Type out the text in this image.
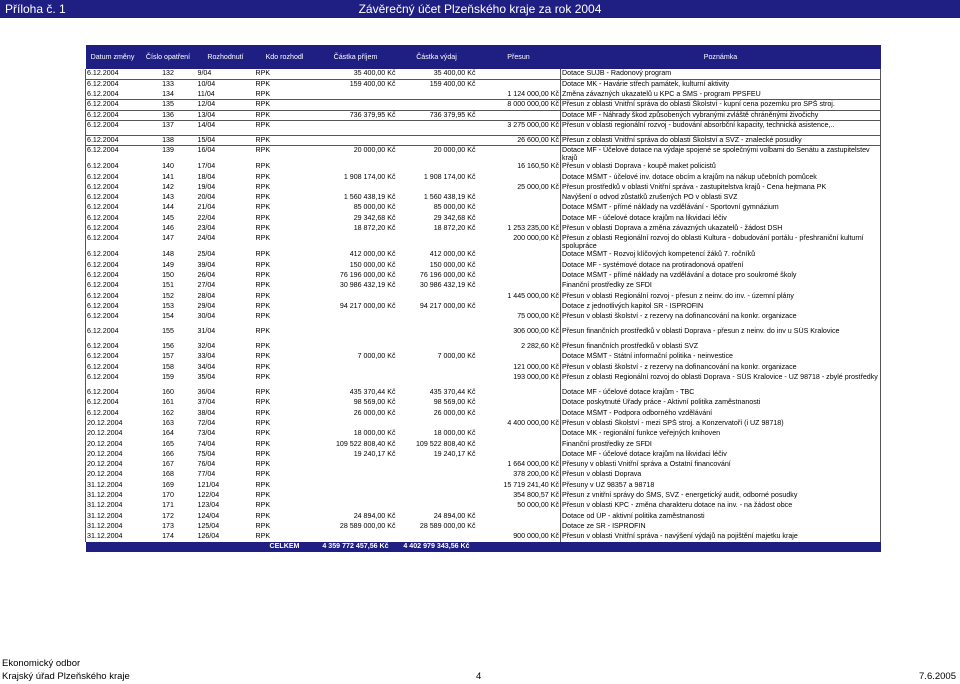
Příloha č. 1	Závěrečný účet Plzeňského kraje za rok 2004
Datum změny	Číslo opatření	Rozhodnutí	Kdo rozhodl	Částka příjem	Částka výdaj	Přesun	Poznámka
6.12.2004	132	9/04	RPK	35 400,00 Kč	35 400,00 Kč		Dotace SUJB - Radonový program
6.12.2004	133	10/04	RPK	159 400,00 Kč	159 400,00 Kč		Dotace MK - Havárie střech památek, kulturní aktivity
6.12.2004	134	11/04	RPK			1 124 000,00 Kč	Změna závazných ukazatelů u KPC a ŠMS - program PPSFEU
6.12.2004	135	12/04	RPK			8 000 000,00 Kč	Přesun z oblasti Vnitřní správa do oblasti Školství - kupní cena pozemku pro SPŠ stroj.
6.12.2004	136	13/04	RPK	736 379,95 Kč	736 379,95 Kč		Dotace MF - Náhrady škod způsobených vybranými zvláště chráněnými živočichy
6.12.2004	137	14/04	RPK			3 275 000,00 Kč	Přesun v oblasti regionální rozvoj - budování absorbční kapacity, technická asistence,..
6.12.2004	138	15/04	RPK			26 600,00 Kč	Přesun z oblasti Vnitřní správa do oblasti Školství a SVZ - znalecké posudky
6.12.2004	139	16/04	RPK	20 000,00 Kč	20 000,00 Kč		Dotace MF - Účelové dotace na výdaje spojené se společnými volbami do Senátu a zastupitelstev krajů
6.12.2004	140	17/04	RPK			16 160,50 Kč	Přesun v oblasti Doprava - koupě maket policistů
6.12.2004	141	18/04	RPK	1 908 174,00 Kč	1 908 174,00 Kč		Dotace MŠMT - účelové inv. dotace obcím a krajům na nákup učebních pomůcek
6.12.2004	142	19/04	RPK			25 000,00 Kč	Přesun prostředků v oblasti Vnitřní správa - zastupitelstva krajů - Cena hejtmana PK
6.12.2004	143	20/04	RPK	1 560 438,19 Kč	1 560 438,19 Kč		Navýšení o odvod zůstatků zrušených PO v oblasti SVZ
6.12.2004	144	21/04	RPK	85 000,00 Kč	85 000,00 Kč		Dotace MŠMT - přímé náklady na vzdělávání - Sportovní gymnázium
6.12.2004	145	22/04	RPK	29 342,68 Kč	29 342,68 Kč		Dotace MF - účelové dotace krajům na likvidaci léčiv
6.12.2004	146	23/04	RPK	18 872,20 Kč	18 872,20 Kč	1 253 235,00 Kč	Přesun v oblasti Doprava a změna závazných ukazatelů - žádost DSH
6.12.2004	147	24/04	RPK			200 000,00 Kč	Přesun z oblasti Regionální rozvoj do oblasti Kultura - dobudování portálu - přeshraniční kulturní spolupráce
6.12.2004	148	25/04	RPK	412 000,00 Kč	412 000,00 Kč		Dotace MŠMT - Rozvoj klíčových kompetencí žáků 7. ročníků
6.12.2004	149	39/04	RPK	150 000,00 Kč	150 000,00 Kč		Dotace MF - systémové dotace na protiradonová opatření
6.12.2004	150	26/04	RPK	76 196 000,00 Kč	76 196 000,00 Kč		Dotace MŠMT - přímé náklady na vzdělávání a dotace pro soukromé školy
6.12.2004	151	27/04	RPK	30 986 432,19 Kč	30 986 432,19 Kč		Finanční prostředky ze SFDI
6.12.2004	152	28/04	RPK			1 445 000,00 Kč	Přesun v oblasti Regionální rozvoj - přesun z neinv. do inv. - územní plány
6.12.2004	153	29/04	RPK	94 217 000,00 Kč	94 217 000,00 Kč		Dotace z jednotlivých kapitol SR - ISPROFIN
6.12.2004	154	30/04	RPK			75 000,00 Kč	Přesun v oblasti školství - z rezervy na dofinancování na konkr. organizace
6.12.2004	155	31/04	RPK			306 000,00 Kč	Přesun finančních prostředků v oblasti Doprava - přesun z neinv. do inv u SÚS Kralovice
6.12.2004	156	32/04	RPK			2 282,60 Kč	Přesun finančních prostředků v oblasti SVZ
6.12.2004	157	33/04	RPK	7 000,00 Kč	7 000,00 Kč		Dotace MŠMT - Státní informační politika - neinvestice
6.12.2004	158	34/04	RPK			121 000,00 Kč	Přesun v oblasti školství - z rezervy na dofinancování na konkr. organizace
6.12.2004	159	35/04	RPK			193 000,00 Kč	Přesun z oblasti Regionální rozvoj do oblasti Doprava - SÚS Kralovice - UZ 98718 - zbylé prostředky
6.12.2004	160	36/04	RPK	435 370,44 Kč	435 370,44 Kč		Dotace MF - účelové dotace krajům - TBC
6.12.2004	161	37/04	RPK	98 569,00 Kč	98 569,00 Kč		Dotace poskytnuté Úřady práce - Aktivní politika zaměstnanosti
6.12.2004	162	38/04	RPK	26 000,00 Kč	26 000,00 Kč		Dotace MŠMT - Podpora odborného vzdělávání
20.12.2004	163	72/04	RPK			4 400 000,00 Kč	Přesun v oblasti Školství - mezi SPŠ stroj. a Konzervatoří (i UZ 98718)
20.12.2004	164	73/04	RPK	18 000,00 Kč	18 000,00 Kč		Dotace MK - regionální funkce veřejných knihoven
20.12.2004	165	74/04	RPK	109 522 808,40 Kč	109 522 808,40 Kč		Finanční prostředky ze SFDI
20.12.2004	166	75/04	RPK	19 240,17 Kč	19 240,17 Kč		Dotace MF - účelové dotace krajům na likvidaci léčiv
20.12.2004	167	76/04	RPK			1 664 000,00 Kč	Přesuny v oblasti Vnitřní správa a Ostatní financování
20.12.2004	168	77/04	RPK			378 200,00 Kč	Přesun v oblasti Doprava
31.12.2004	169	121/04	RPK			15 719 241,40 Kč	Přesuny v UZ 98357 a 98718
31.12.2004	170	122/04	RPK			354 800,57 Kč	Přesun z vnitřní správy do ŠMS, SVZ - energetický audit, odborné posudky
31.12.2004	171	123/04	RPK			50 000,00 Kč	Přesun v oblasti KPC - změna charakteru dotace na inv. - na žádost obce
31.12.2004	172	124/04	RPK	24 894,00 Kč	24 894,00 Kč		Dotace od ÚP - aktivní politika zaměstnanosti
31.12.2004	173	125/04	RPK	28 589 000,00 Kč	28 589 000,00 Kč		Dotace ze SR - ISPROFIN
31.12.2004	174	126/04	RPK			900 000,00 Kč	Přesun v oblasti Vnitřní správa - navýšení výdajů na pojištění majetku kraje
			CELKEM	4 359 772 457,56 Kč	4 402 979 343,56 Kč		
Ekonomický odbor
Krajský úřad Plzeňského kraje	4	7.6.2005
